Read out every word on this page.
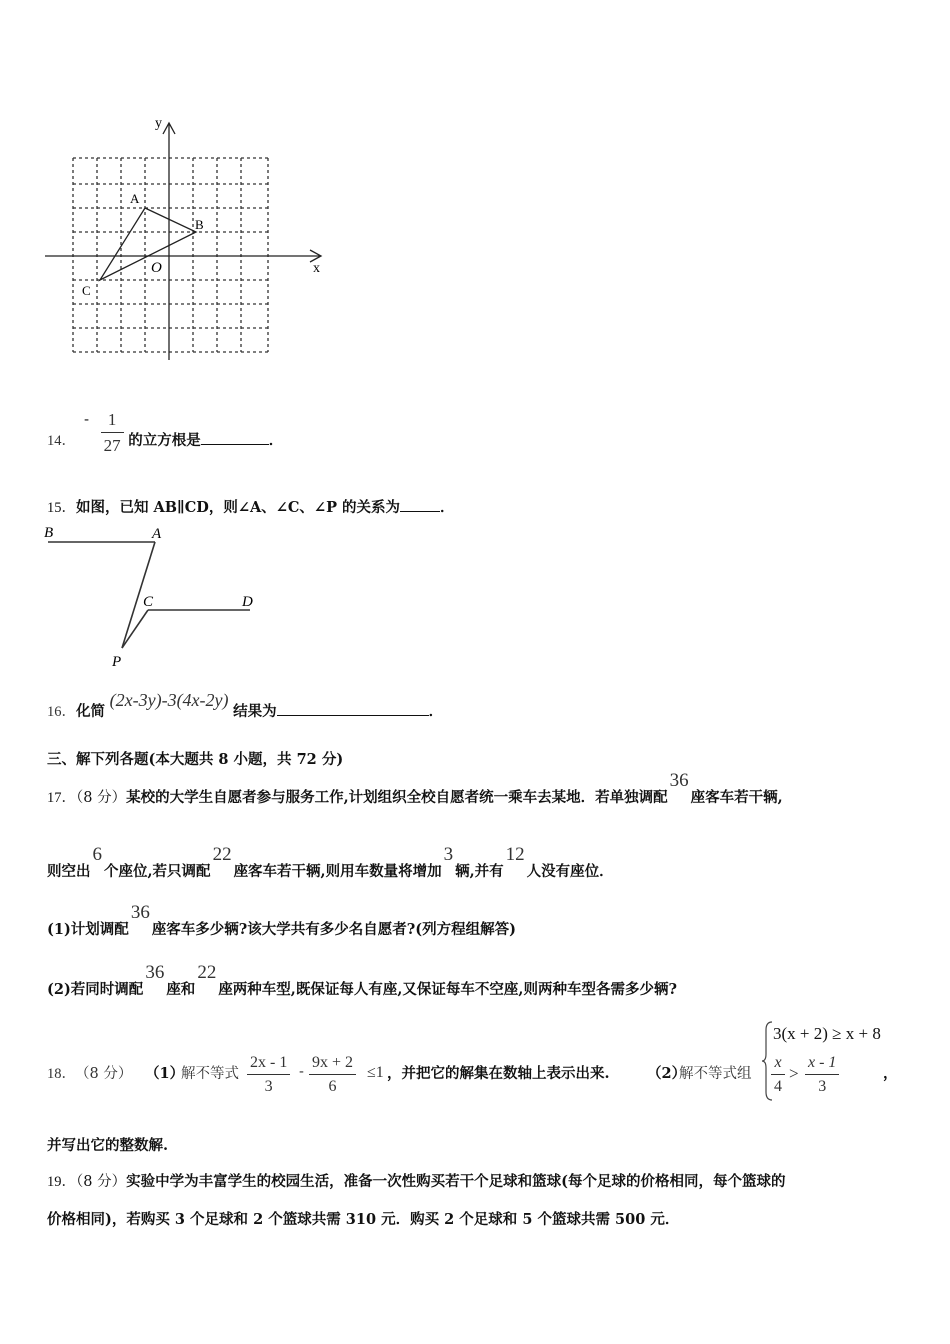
y
x
O
A
B
C
14．
- $\frac{1}{27}$ 的立方根是	．
15．如图，已知 AB∥CD，则∠A、∠C、∠P 的关系为	．
B	A
C	D
P
16．化简 (2x-3y)-3(4x-2y) 结果为	．
三、解下列各题(本大题共 8 小题，共 72 分)
17．（8 分）某校的大学生自愿者参与服务工作,计划组织全校自愿者统一乘车去某地．若单独调配36座客车若干辆,
则空出6个座位,若只调配22座客车若干辆,则用车数量将增加3辆,并有12人没有座位．
(1)计划调配36座客车多少辆?该大学共有多少名自愿者?(列方程组解答)
(2)若同时调配36座和22座两种车型,既保证每人有座,又保证每车不空座,则两种车型各需多少辆?
18． （8 分） （1）
解不等式 $\frac{2x - 1}{3} - \frac{9x + 2}{6} \le 1$ ，并把它的解集在数轴上表示出来.	（2）
解不等式组
3(x + 2) ≥ x + 8
$\frac{x}{4} > \frac{x - 1}{3}$	，
并写出它的整数解.
19．（8 分）实验中学为丰富学生的校园生活，准备一次性购买若干个足球和篮球(每个足球的价格相同，每个篮球的
价格相同)，若购买 3 个足球和 2 个篮球共需 310 元．购买 2 个足球和 5 个篮球共需 500 元．
